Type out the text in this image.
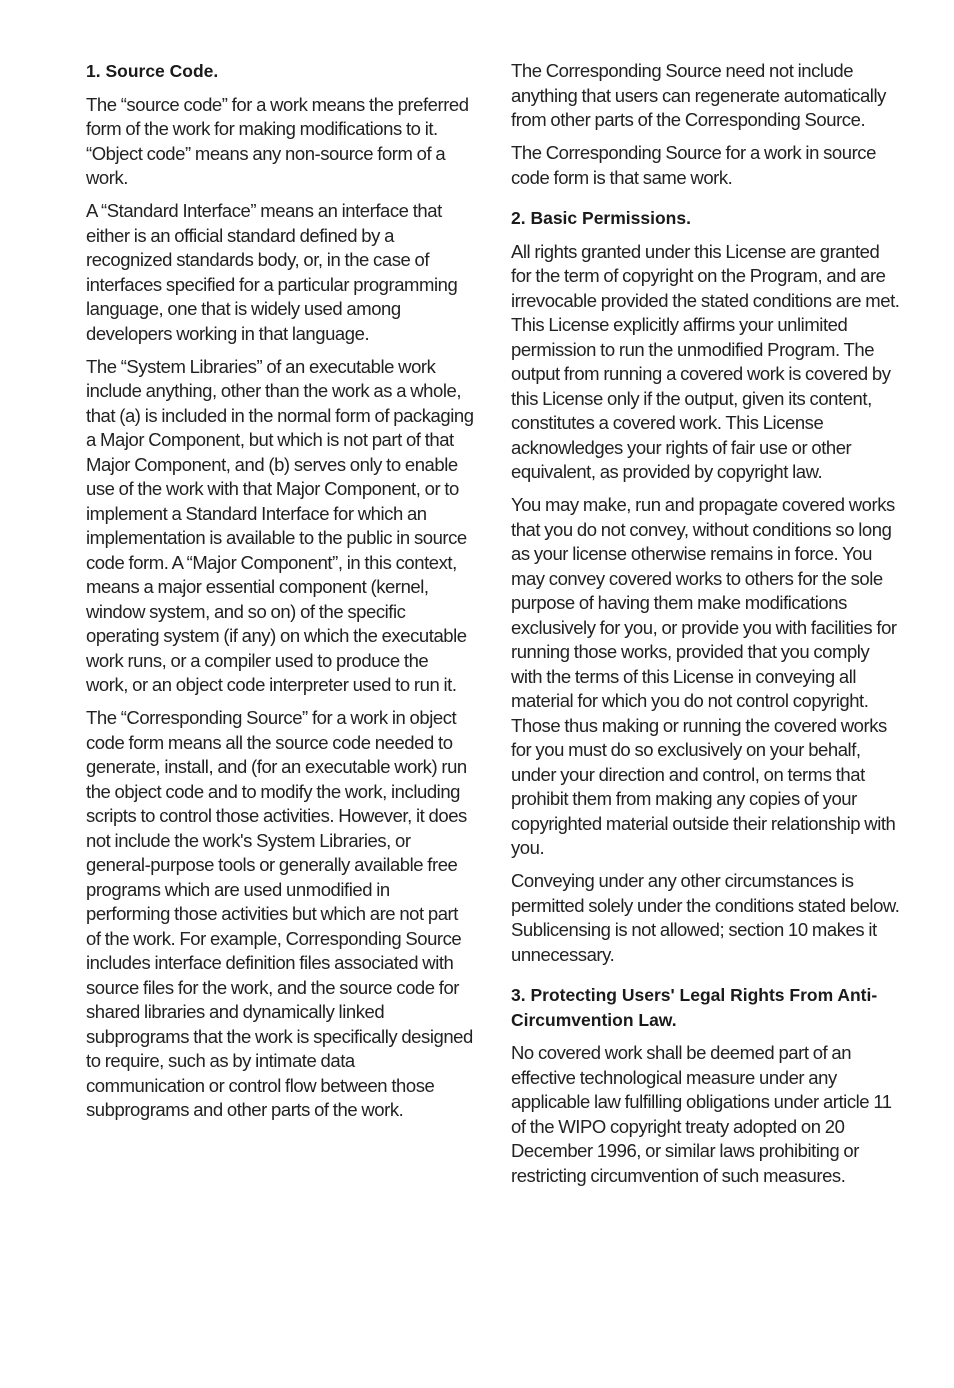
1. Source Code.

The “source code” for a work means the preferred form of the work for making modifications to it. “Object code” means any non-source form of a work.

A “Standard Interface” means an interface that either is an official standard defined by a recognized standards body, or, in the case of interfaces specified for a particular programming language, one that is widely used among developers working in that language.

The “System Libraries” of an executable work include anything, other than the work as a whole, that (a) is included in the normal form of packaging a Major Component, but which is not part of that Major Component, and (b) serves only to enable use of the work with that Major Component, or to implement a Standard Interface for which an implementation is available to the public in source code form. A “Major Component”, in this context, means a major essential component (kernel, window system, and so on) of the specific operating system (if any) on which the executable work runs, or a compiler used to produce the work, or an object code interpreter used to run it.

The “Corresponding Source” for a work in object code form means all the source code needed to generate, install, and (for an executable work) run the object code and to modify the work, including scripts to control those activities. However, it does not include the work's System Libraries, or general-purpose tools or generally available free programs which are used unmodified in performing those activities but which are not part of the work. For example, Corresponding Source includes interface definition files associated with source files for the work, and the source code for shared libraries and dynamically linked subprograms that the work is specifically designed to require, such as by intimate data communication or control flow between those subprograms and other parts of the work.

The Corresponding Source need not include anything that users can regenerate automatically from other parts of the Corresponding Source.

The Corresponding Source for a work in source code form is that same work.

2. Basic Permissions.

All rights granted under this License are granted for the term of copyright on the Program, and are irrevocable provided the stated conditions are met. This License explicitly affirms your unlimited permission to run the unmodified Program. The output from running a covered work is covered by this License only if the output, given its content, constitutes a covered work. This License acknowledges your rights of fair use or other equivalent, as provided by copyright law.

You may make, run and propagate covered works that you do not convey, without conditions so long as your license otherwise remains in force. You may convey covered works to others for the sole purpose of having them make modifications exclusively for you, or provide you with facilities for running those works, provided that you comply with the terms of this License in conveying all material for which you do not control copyright. Those thus making or running the covered works for you must do so exclusively on your behalf, under your direction and control, on terms that prohibit them from making any copies of your copyrighted material outside their relationship with you.

Conveying under any other circumstances is permitted solely under the conditions stated below. Sublicensing is not allowed; section 10 makes it unnecessary.

3. Protecting Users' Legal Rights From Anti-Circumvention Law.

No covered work shall be deemed part of an effective technological measure under any applicable law fulfilling obligations under article 11 of the WIPO copyright treaty adopted on 20 December 1996, or similar laws prohibiting or restricting circumvention of such measures.
